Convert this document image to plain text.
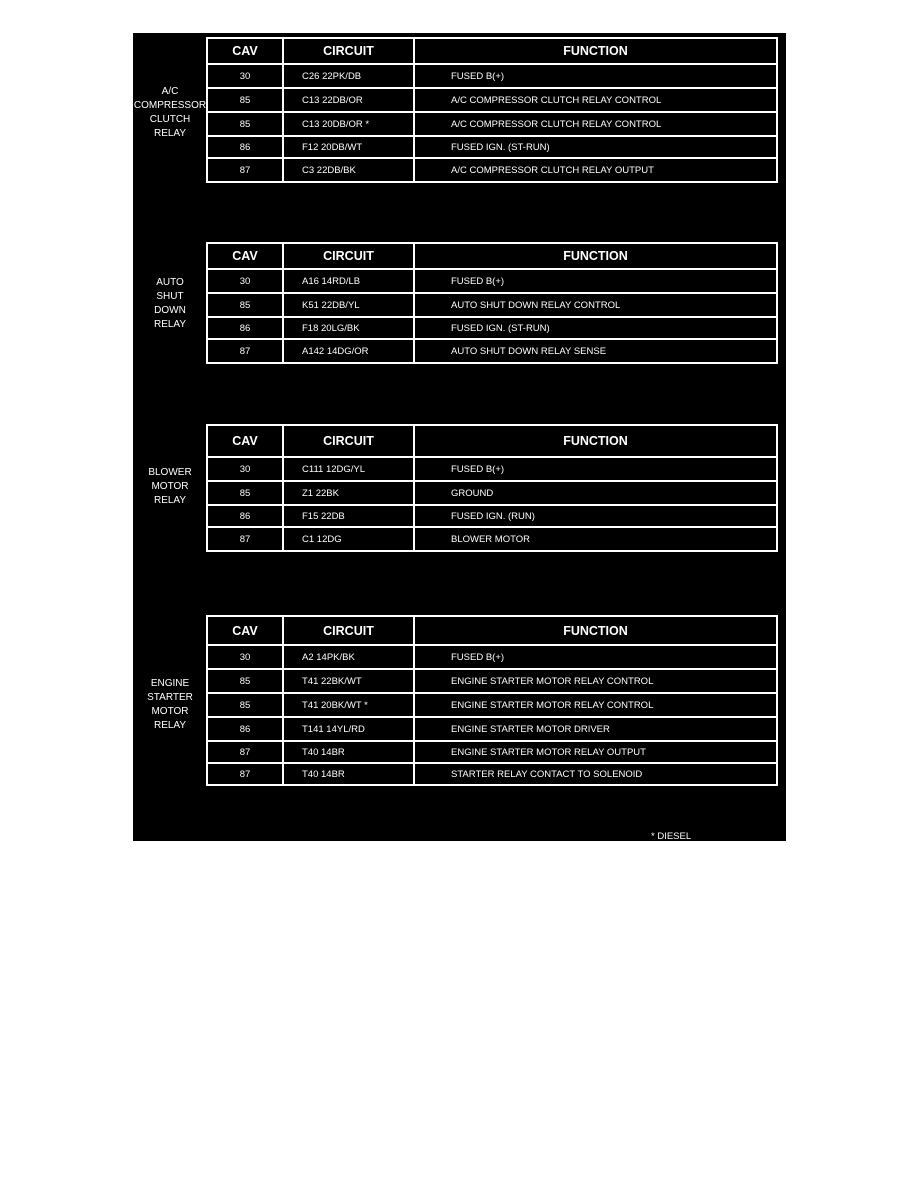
A/C
COMPRESSOR
CLUTCH
RELAY
CAV	CIRCUIT	FUNCTION
30	C26 22PK/DB	FUSED B(+)
85	C13 22DB/OR	A/C COMPRESSOR CLUTCH RELAY CONTROL
85	C13 20DB/OR *	A/C COMPRESSOR CLUTCH RELAY CONTROL
86	F12 20DB/WT	FUSED IGN. (ST-RUN)
87	C3 22DB/BK	A/C COMPRESSOR CLUTCH RELAY OUTPUT
AUTO
SHUT
DOWN
RELAY
CAV	CIRCUIT	FUNCTION
30	A16 14RD/LB	FUSED B(+)
85	K51 22DB/YL	AUTO SHUT DOWN RELAY CONTROL
86	F18 20LG/BK	FUSED IGN. (ST-RUN)
87	A142 14DG/OR	AUTO SHUT DOWN RELAY SENSE
BLOWER
MOTOR
RELAY
CAV	CIRCUIT	FUNCTION
30	C111 12DG/YL	FUSED B(+)
85	Z1 22BK	GROUND
86	F15 22DB	FUSED IGN. (RUN)
87	C1 12DG	BLOWER MOTOR
ENGINE
STARTER
MOTOR
RELAY
CAV	CIRCUIT	FUNCTION
30	A2 14PK/BK	FUSED B(+)
85	T41 22BK/WT	ENGINE STARTER MOTOR RELAY CONTROL
85	T41 20BK/WT *	ENGINE STARTER MOTOR RELAY CONTROL
86	T141 14YL/RD	ENGINE STARTER MOTOR DRIVER
87	T40 14BR	ENGINE STARTER MOTOR RELAY OUTPUT
87	T40 14BR	STARTER RELAY CONTACT TO SOLENOID
* DIESEL
